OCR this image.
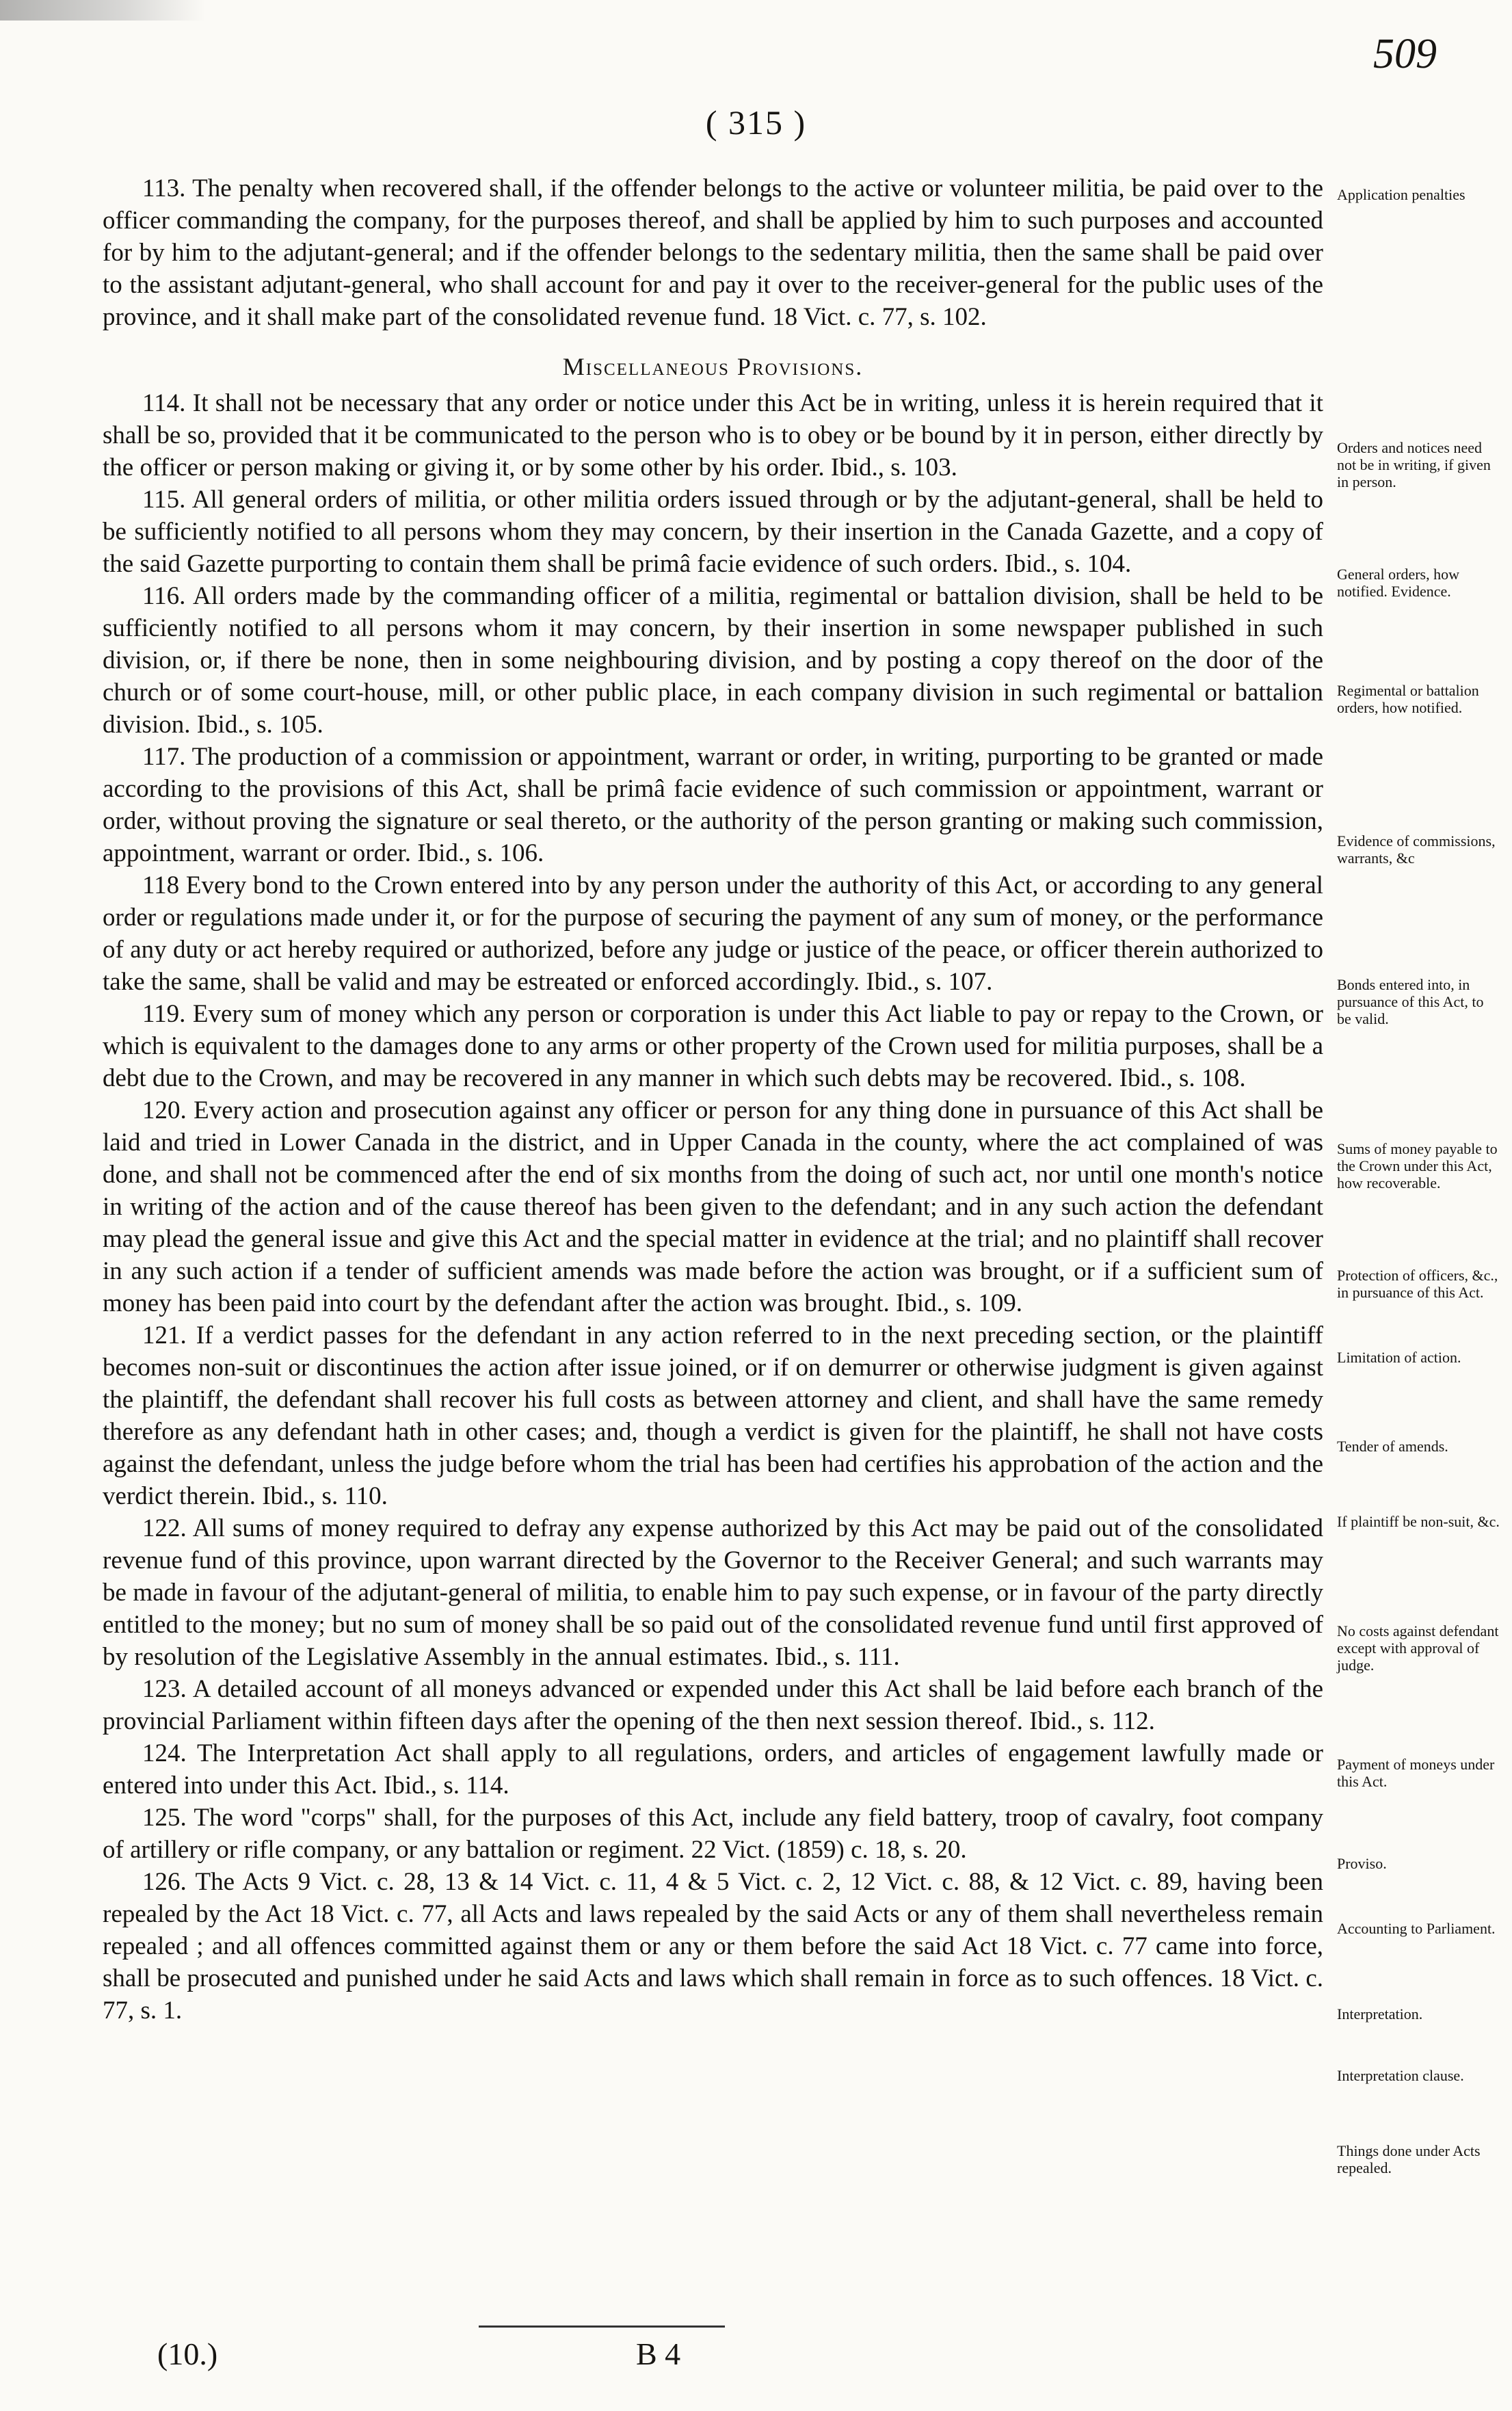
509
( 315 )

113. The penalty when recovered shall, if the offender belongs to the active or volunteer militia, be paid over to the officer commanding the company, for the purposes thereof, and shall be applied by him to such purposes and accounted for by him to the adjutant-general; and if the offender belongs to the sedentary militia, then the same shall be paid over to the assistant adjutant-general, who shall account for and pay it over to the receiver-general for the public uses of the province, and it shall make part of the consolidated revenue fund. 18 Vict. c. 77, s. 102.

Miscellaneous Provisions.

114. It shall not be necessary that any order or notice under this Act be in writing, unless it is herein required that it shall be so, provided that it be communicated to the person who is to obey or be bound by it in person, either directly by the officer or person making or giving it, or by some other by his order. Ibid., s. 103.

115. All general orders of militia, or other militia orders issued through or by the adjutant-general, shall be held to be sufficiently notified to all persons whom they may concern, by their insertion in the Canada Gazette, and a copy of the said Gazette purporting to contain them shall be primâ facie evidence of such orders. Ibid., s. 104.

116. All orders made by the commanding officer of a militia, regimental or battalion division, shall be held to be sufficiently notified to all persons whom it may concern, by their insertion in some newspaper published in such division, or, if there be none, then in some neighbouring division, and by posting a copy thereof on the door of the church or of some court-house, mill, or other public place, in each company division in such regimental or battalion division. Ibid., s. 105.

117. The production of a commission or appointment, warrant or order, in writing, purporting to be granted or made according to the provisions of this Act, shall be primâ facie evidence of such commission or appointment, warrant or order, without proving the signature or seal thereto, or the authority of the person granting or making such commission, appointment, warrant or order. Ibid., s. 106.

118 Every bond to the Crown entered into by any person under the authority of this Act, or according to any general order or regulations made under it, or for the purpose of securing the payment of any sum of money, or the performance of any duty or act hereby required or authorized, before any judge or justice of the peace, or officer therein authorized to take the same, shall be valid and may be estreated or enforced accordingly. Ibid., s. 107.

119. Every sum of money which any person or corporation is under this Act liable to pay or repay to the Crown, or which is equivalent to the damages done to any arms or other property of the Crown used for militia purposes, shall be a debt due to the Crown, and may be recovered in any manner in which such debts may be recovered. Ibid., s. 108.

120. Every action and prosecution against any officer or person for any thing done in pursuance of this Act shall be laid and tried in Lower Canada in the district, and in Upper Canada in the county, where the act complained of was done, and shall not be commenced after the end of six months from the doing of such act, nor until one month's notice in writing of the action and of the cause thereof has been given to the defendant; and in any such action the defendant may plead the general issue and give this Act and the special matter in evidence at the trial; and no plaintiff shall recover in any such action if a tender of sufficient amends was made before the action was brought, or if a sufficient sum of money has been paid into court by the defendant after the action was brought. Ibid., s. 109.

121. If a verdict passes for the defendant in any action referred to in the next preceding section, or the plaintiff becomes non-suit or discontinues the action after issue joined, or if on demurrer or otherwise judgment is given against the plaintiff, the defendant shall recover his full costs as between attorney and client, and shall have the same remedy therefore as any defendant hath in other cases; and, though a verdict is given for the plaintiff, he shall not have costs against the defendant, unless the judge before whom the trial has been had certifies his approbation of the action and the verdict therein. Ibid., s. 110.

122. All sums of money required to defray any expense authorized by this Act may be paid out of the consolidated revenue fund of this province, upon warrant directed by the Governor to the Receiver General; and such warrants may be made in favour of the adjutant-general of militia, to enable him to pay such expense, or in favour of the party directly entitled to the money; but no sum of money shall be so paid out of the consolidated revenue fund until first approved of by resolution of the Legislative Assembly in the annual estimates. Ibid., s. 111.

123. A detailed account of all moneys advanced or expended under this Act shall be laid before each branch of the provincial Parliament within fifteen days after the opening of the then next session thereof. Ibid., s. 112.

124. The Interpretation Act shall apply to all regulations, orders, and articles of engagement lawfully made or entered into under this Act. Ibid., s. 114.

125. The word "corps" shall, for the purposes of this Act, include any field battery, troop of cavalry, foot company of artillery or rifle company, or any battalion or regiment. 22 Vict. (1859) c. 18, s. 20.

126. The Acts 9 Vict. c. 28, 13 & 14 Vict. c. 11, 4 & 5 Vict. c. 2, 12 Vict. c. 88, & 12 Vict. c. 89, having been repealed by the Act 18 Vict. c. 77, all Acts and laws repealed by the said Acts or any of them shall nevertheless remain repealed ; and all offences committed against them or any or them before the said Act 18 Vict. c. 77 came into force, shall be prosecuted and punished under he said Acts and laws which shall remain in force as to such offences. 18 Vict. c. 77, s. 1.

Application penalties
Orders and notices need not be in writing, if given in person.
General orders, how notified. Evidence.
Regimental or battalion orders, how notified.
Evidence of commissions, warrants, &c
Bonds entered into, in pursuance of this Act, to be valid.
Sums of money payable to the Crown under this Act, how recoverable.
Protection of officers, &c., in pursuance of this Act.
Limitation of action.
Tender of amends.
If plaintiff be non-suit, &c.
No costs against defendant except with approval of judge.
Payment of moneys under this Act.
Proviso.
Accounting to Parliament.
Interpretation.
Interpretation clause.
Things done under Acts repealed.
(10.)	B 4
